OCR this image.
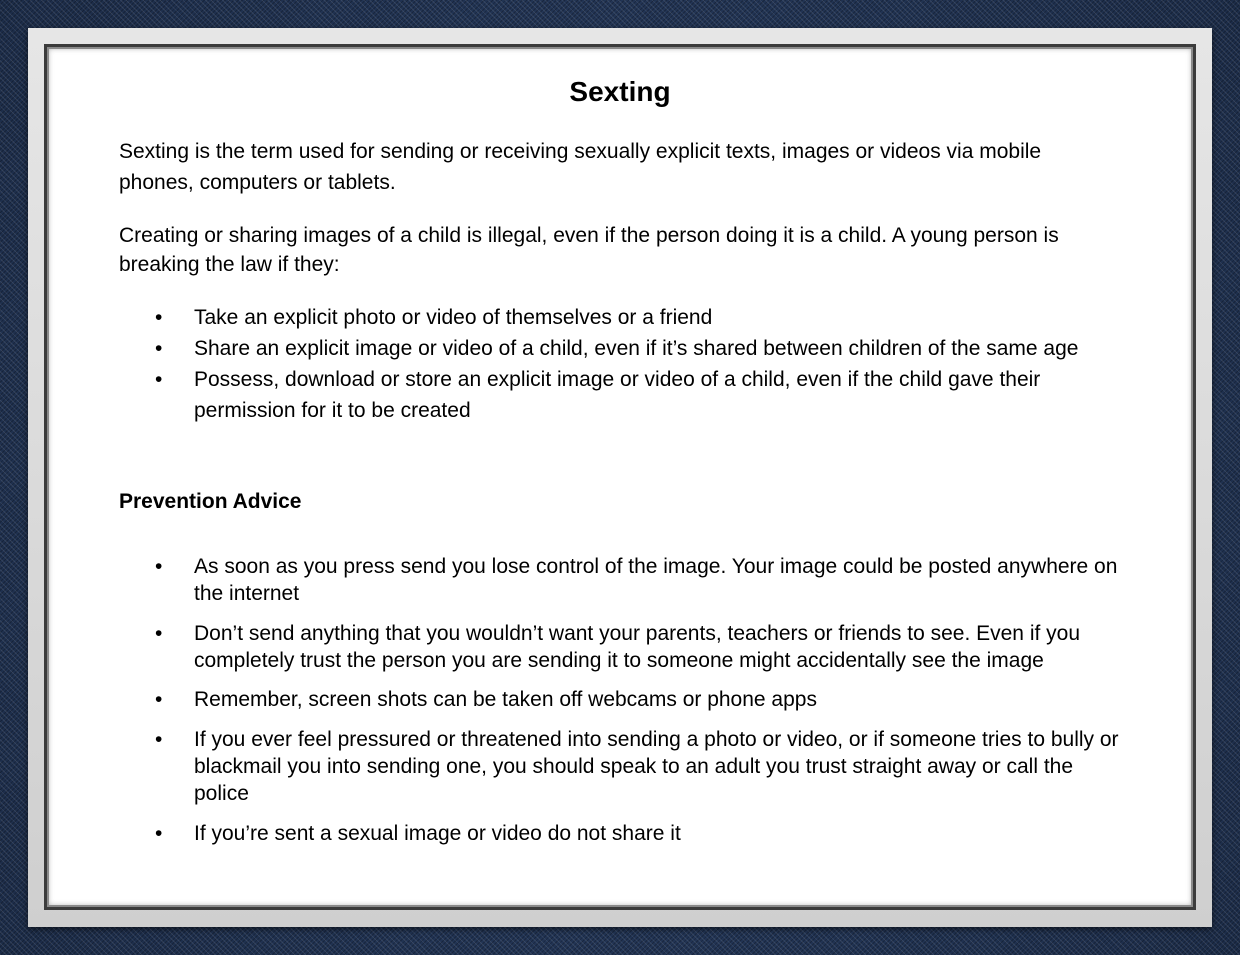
Sexting

Sexting is the term used for sending or receiving sexually explicit texts, images or videos via mobile phones, computers or tablets.

Creating or sharing images of a child is illegal, even if the person doing it is a child. A young person is breaking the law if they:

• Take an explicit photo or video of themselves or a friend
• Share an explicit image or video of a child, even if it’s shared between children of the same age
• Possess, download or store an explicit image or video of a child, even if the child gave their permission for it to be created
Prevention Advice
• As soon as you press send you lose control of the image. Your image could be posted anywhere on the internet
• Don’t send anything that you wouldn’t want your parents, teachers or friends to see. Even if you completely trust the person you are sending it to someone might accidentally see the image
• Remember, screen shots can be taken off webcams or phone apps
• If you ever feel pressured or threatened into sending a photo or video, or if someone tries to bully or blackmail you into sending one, you should speak to an adult you trust straight away or call the police
• If you’re sent a sexual image or video do not share it
